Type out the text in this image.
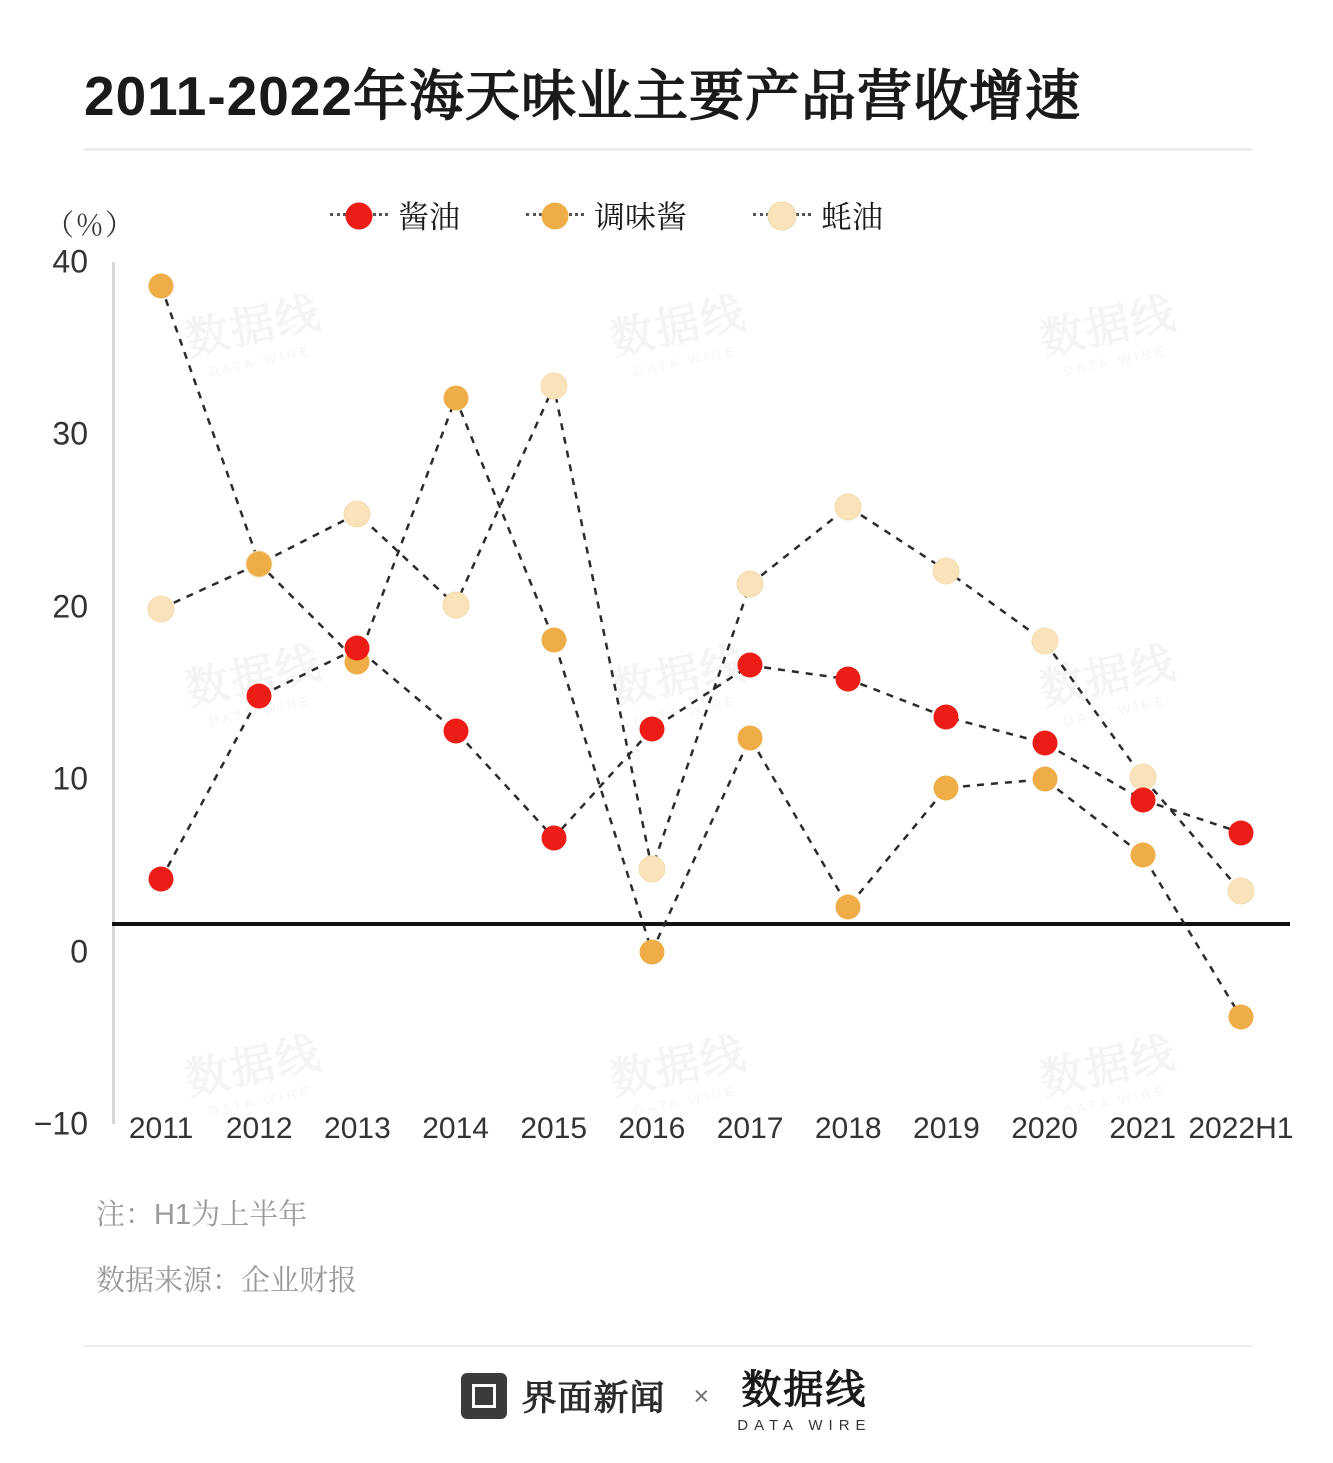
2011-2022年海天味业主要产品营收增速
酱油	调味酱	蚝油
（％）
40
30
20
10
0
−10 2011 2012 2013 2014 2015 2016 2017 2018 2019 2020 2021 2022H1
注：H1为上半年
数据来源：企业财报
界面新闻 × 数据线
DATA WIRE
